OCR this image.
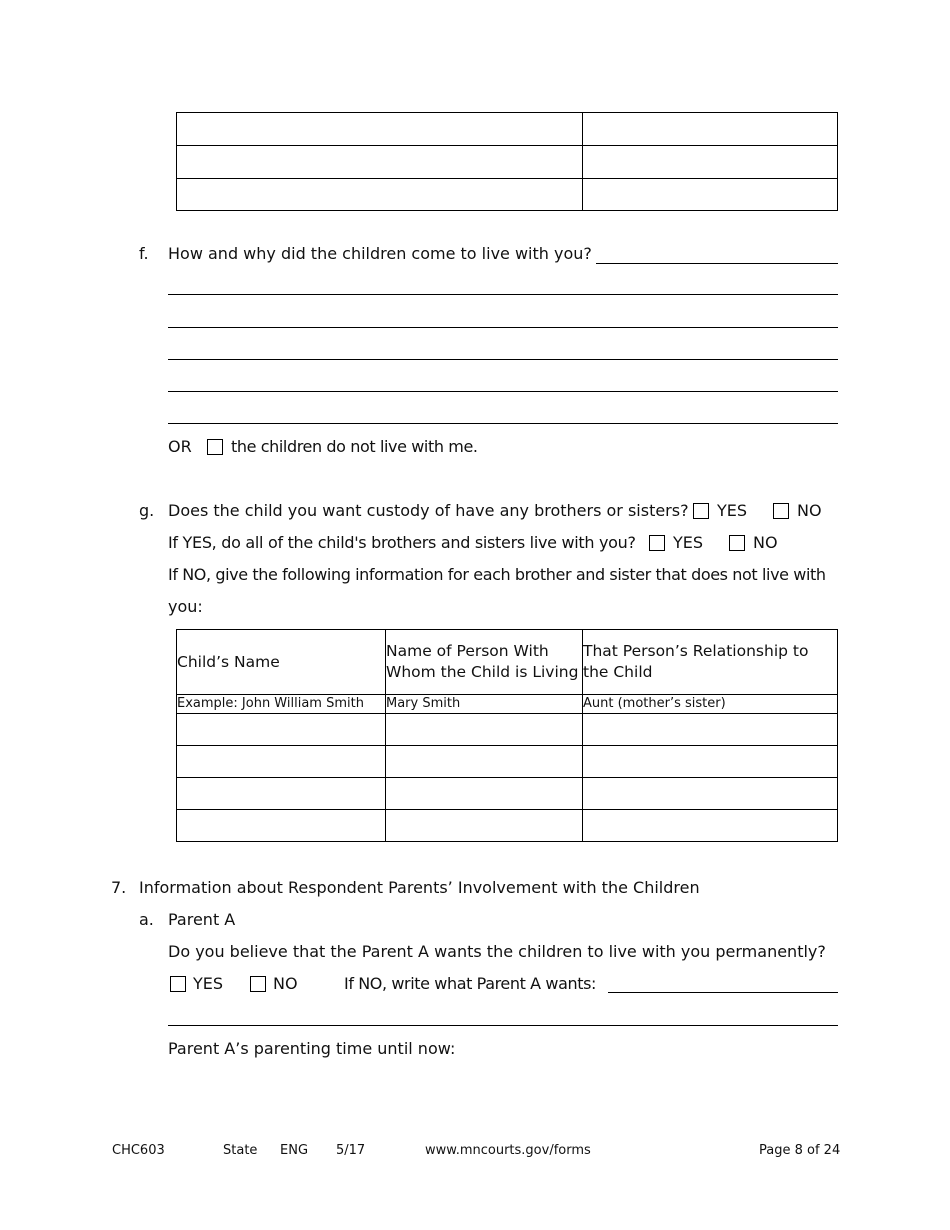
f. How and why did the children come to live with you?
OR the children do not live with me.
g. Does the child you want custody of have any brothers or sisters? YES	NO
If YES, do all of the child's brothers and sisters live with you? YES	NO
If NO, give the following information for each brother and sister that does not live with
you:
Child’s Name	Name of Person With Whom the Child is Living	That Person’s Relationship to the Child
Example: John William Smith	Mary Smith	Aunt (mother’s sister)

7. Information about Respondent Parents’ Involvement with the Children
a. Parent A
Do you believe that the Parent A wants the children to live with you permanently?
YES	NO	If NO, write what Parent A wants:
Parent A’s parenting time until now:
CHC603	State ENG 5/17	www.mncourts.gov/forms	Page 8 of 24
